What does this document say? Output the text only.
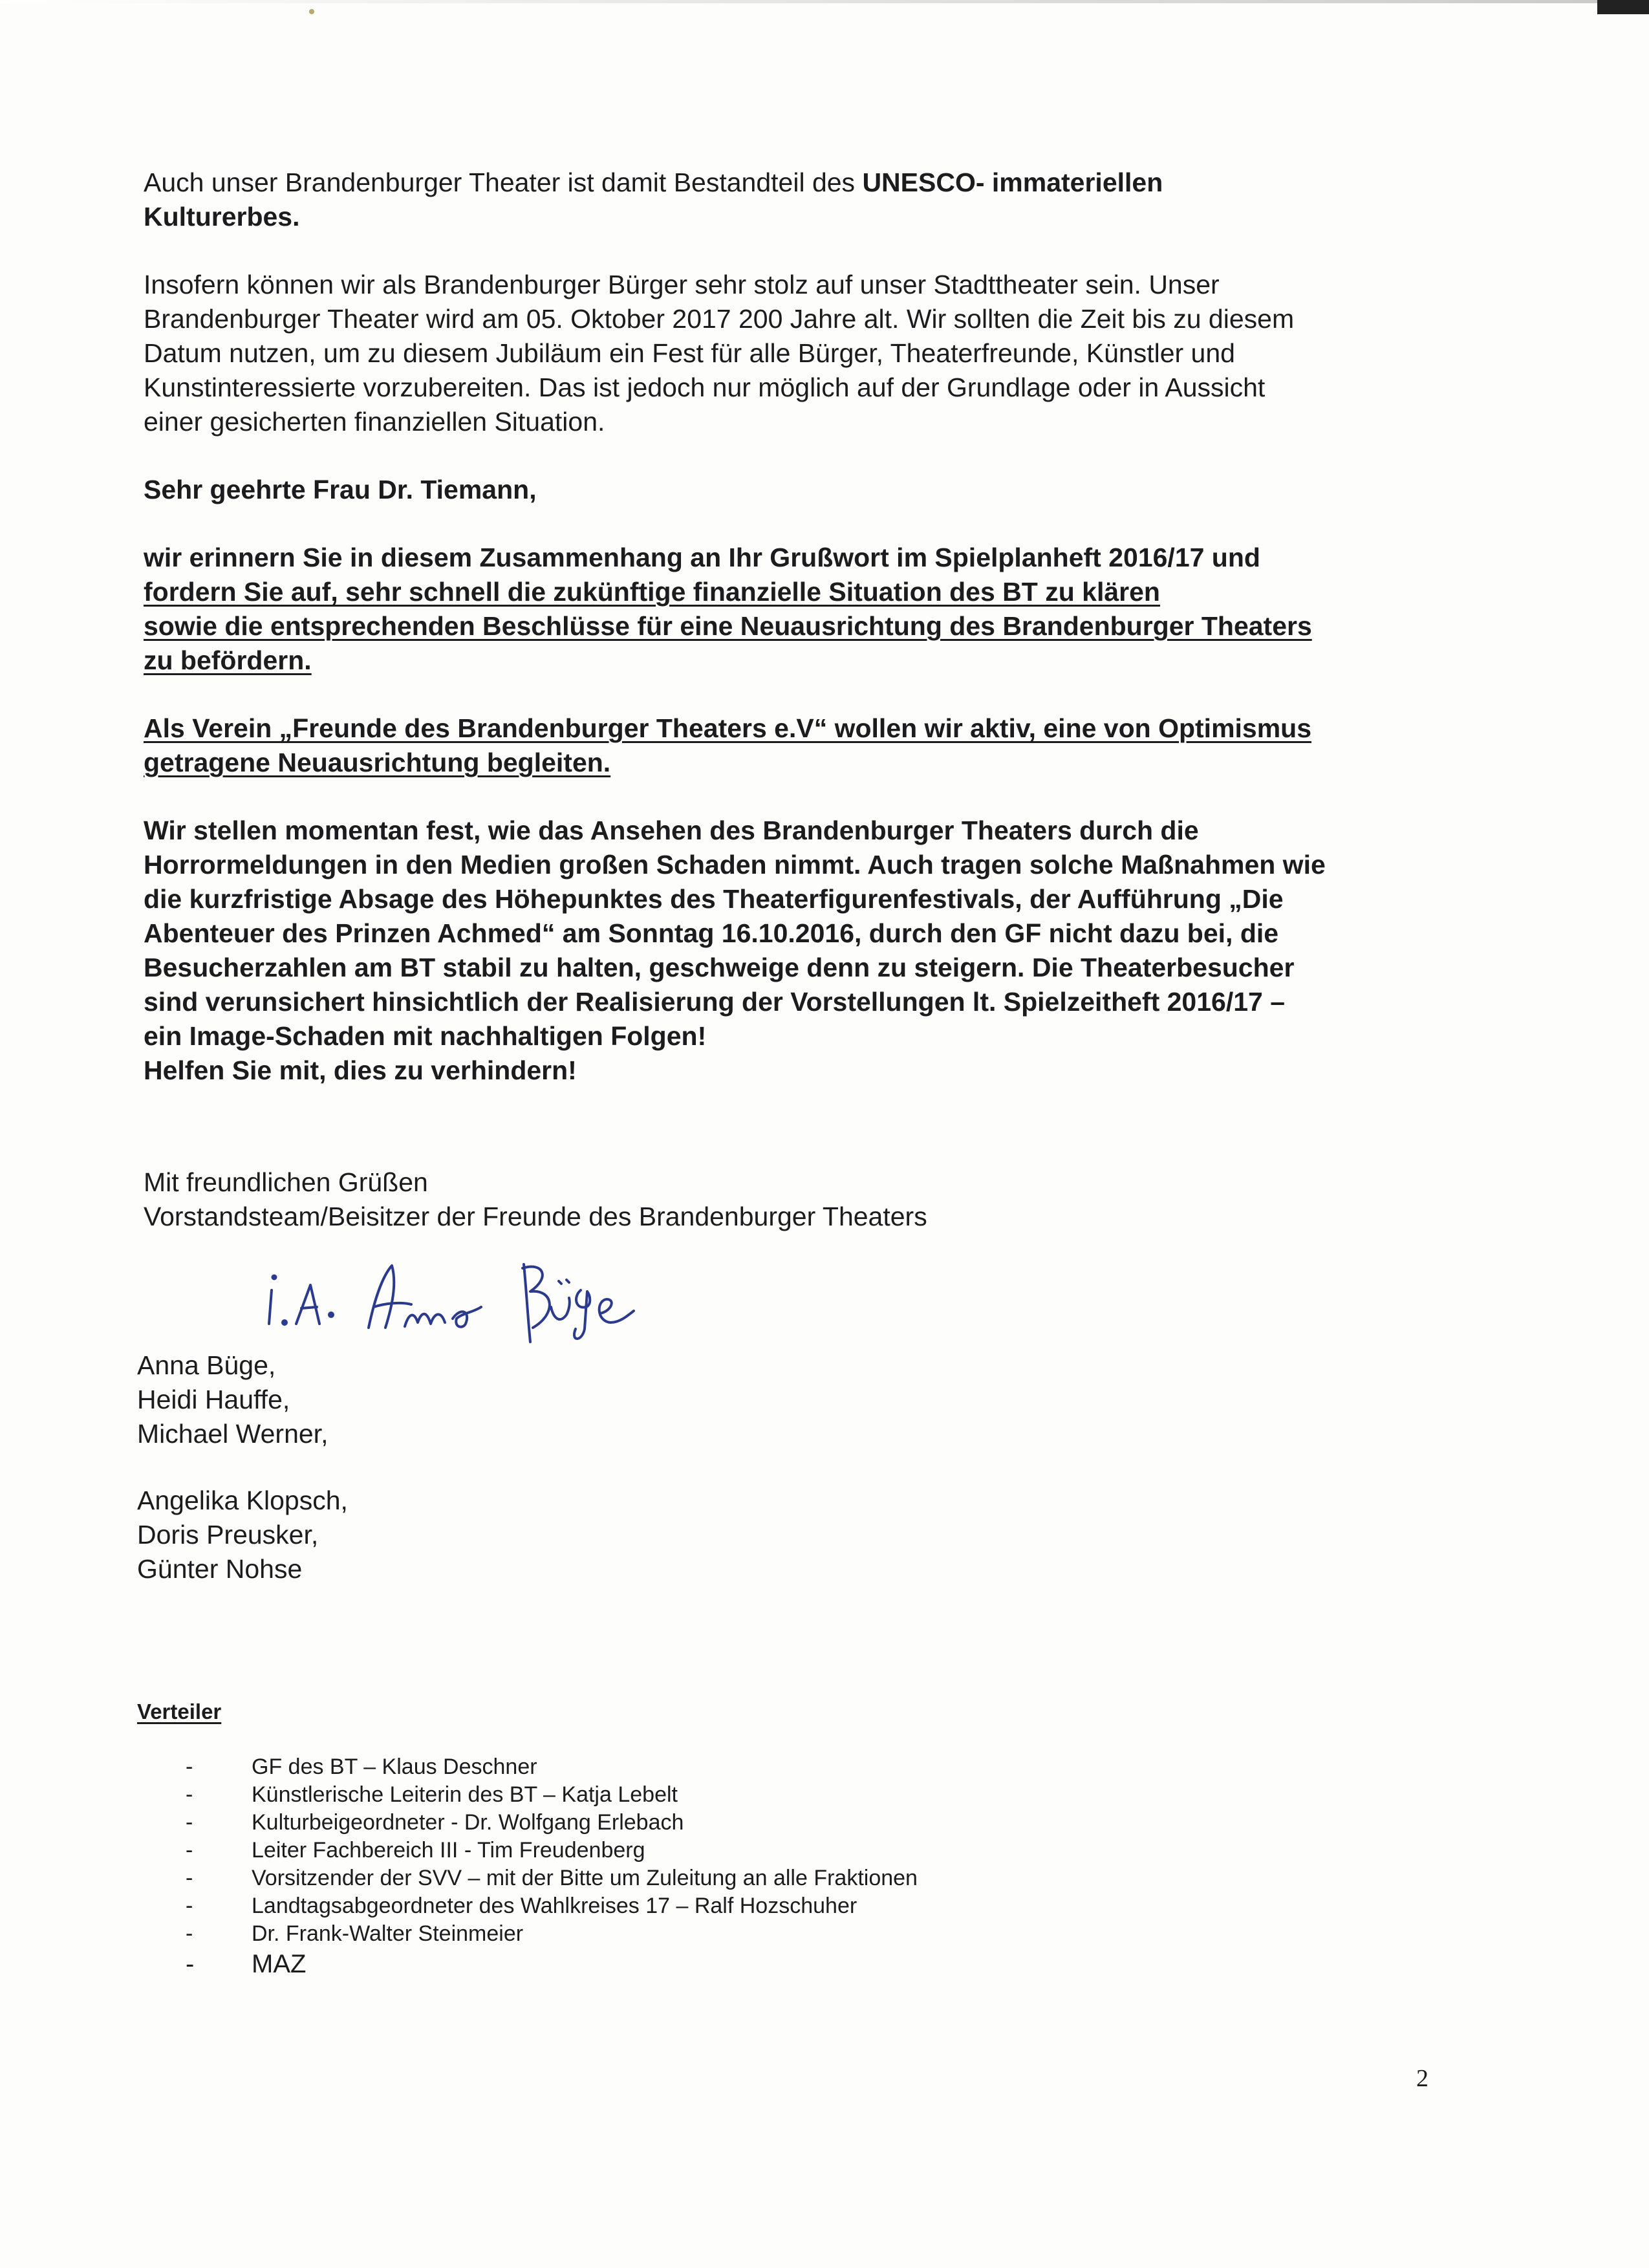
Auch unser Brandenburger Theater ist damit Bestandteil des UNESCO- immateriellen
Kulturerbes.
Insofern können wir als Brandenburger Bürger sehr stolz auf unser Stadttheater sein. Unser
Brandenburger Theater wird am 05. Oktober 2017 200 Jahre alt. Wir sollten die Zeit bis zu diesem
Datum nutzen, um zu diesem Jubiläum ein Fest für alle Bürger, Theaterfreunde, Künstler und
Kunstinteressierte vorzubereiten. Das ist jedoch nur möglich auf der Grundlage oder in Aussicht
einer gesicherten finanziellen Situation.
Sehr geehrte Frau Dr. Tiemann,
wir erinnern Sie in diesem Zusammenhang an Ihr Grußwort im Spielplanheft 2016/17 und
fordern Sie auf, sehr schnell die zukünftige finanzielle Situation des BT zu klären
sowie die entsprechenden Beschlüsse für eine Neuausrichtung des Brandenburger Theaters
zu befördern.
Als Verein „Freunde des Brandenburger Theaters e.V“ wollen wir aktiv, eine von Optimismus
getragene Neuausrichtung begleiten.
Wir stellen momentan fest, wie das Ansehen des Brandenburger Theaters durch die
Horrormeldungen in den Medien großen Schaden nimmt. Auch tragen solche Maßnahmen wie
die kurzfristige Absage des Höhepunktes des Theaterfigurenfestivals, der Aufführung „Die
Abenteuer des Prinzen Achmed“ am Sonntag 16.10.2016, durch den GF nicht dazu bei, die
Besucherzahlen am BT stabil zu halten, geschweige denn zu steigern. Die Theaterbesucher
sind verunsichert hinsichtlich der Realisierung der Vorstellungen lt. Spielzeitheft 2016/17 –
ein Image-Schaden mit nachhaltigen Folgen!
Helfen Sie mit, dies zu verhindern!
Mit freundlichen Grüßen
Vorstandsteam/Beisitzer der Freunde des Brandenburger Theaters
Anna Büge,
Heidi Hauffe,
Michael Werner,
Angelika Klopsch,
Doris Preusker,
Günter Nohse
Verteiler
- GF des BT – Klaus Deschner
- Künstlerische Leiterin des BT – Katja Lebelt
- Kulturbeigeordneter - Dr. Wolfgang Erlebach
- Leiter Fachbereich III - Tim Freudenberg
- Vorsitzender der SVV – mit der Bitte um Zuleitung an alle Fraktionen
- Landtagsabgeordneter des Wahlkreises 17 – Ralf Hozschuher
- Dr. Frank-Walter Steinmeier
- MAZ
2
